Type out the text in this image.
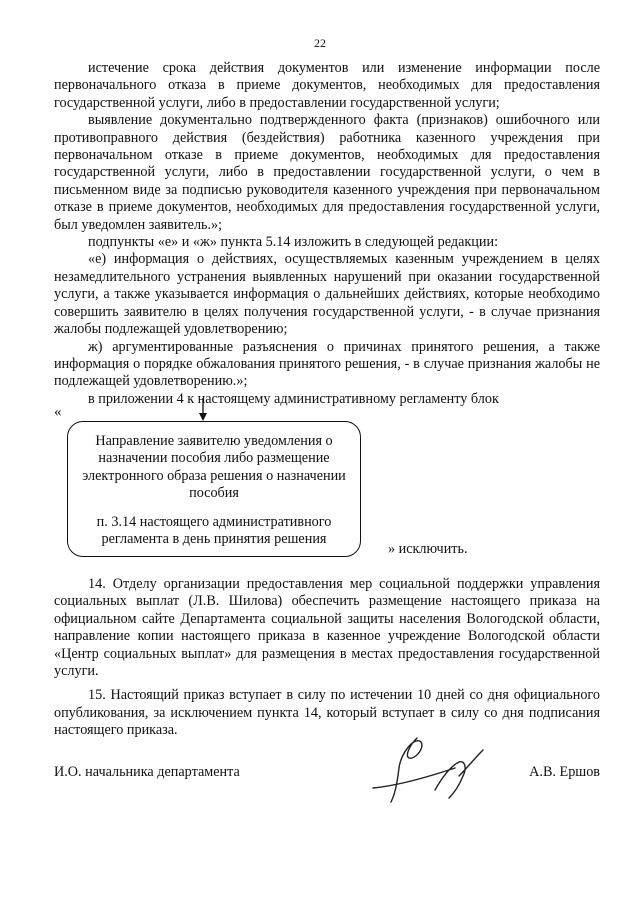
22

истечение срока действия документов или изменение информации после первоначального отказа в приеме документов, необходимых для предоставления государственной услуги, либо в предоставлении государственной услуги;

выявление документально подтвержденного факта (признаков) ошибочного или противоправного действия (бездействия) работника казенного учреждения при первоначальном отказе в приеме документов, необходимых для предоставления государственной услуги, либо в предоставлении государственной услуги, о чем в письменном виде за подписью руководителя казенного учреждения при первоначальном отказе в приеме документов, необходимых для предоставления государственной услуги, был уведомлен заявитель.»;

подпункты «е» и «ж» пункта 5.14 изложить в следующей редакции:

«е) информация о действиях, осуществляемых казенным учреждением в целях незамедлительного устранения выявленных нарушений при оказании государственной услуги, а также указывается информация о дальнейших действиях, которые необходимо совершить заявителю в целях получения государственной услуги, - в случае признания жалобы подлежащей удовлетворению;

ж) аргументированные разъяснения о причинах принятого решения, а также информация о порядке обжалования принятого решения, - в случае признания жалобы не подлежащей удовлетворению.»;

в приложении 4 к настоящему административному регламенту блок

«
Направление заявителю уведомления о назначении пособия либо размещение электронного образа решения о назначении пособия
п. 3.14 настоящего административного регламента в день принятия решения
» исключить.

14. Отделу организации предоставления мер социальной поддержки управления социальных выплат (Л.В. Шилова) обеспечить размещение настоящего приказа на официальном сайте Департамента социальной защиты населения Вологодской области, направление копии настоящего приказа в казенное учреждение Вологодской области «Центр социальных выплат» для размещения в местах предоставления государственной услуги.

15. Настоящий приказ вступает в силу по истечении 10 дней со дня официального опубликования, за исключением пункта 14, который вступает в силу со дня подписания настоящего приказа.

И.О. начальника департамента	А.В. Ершов
